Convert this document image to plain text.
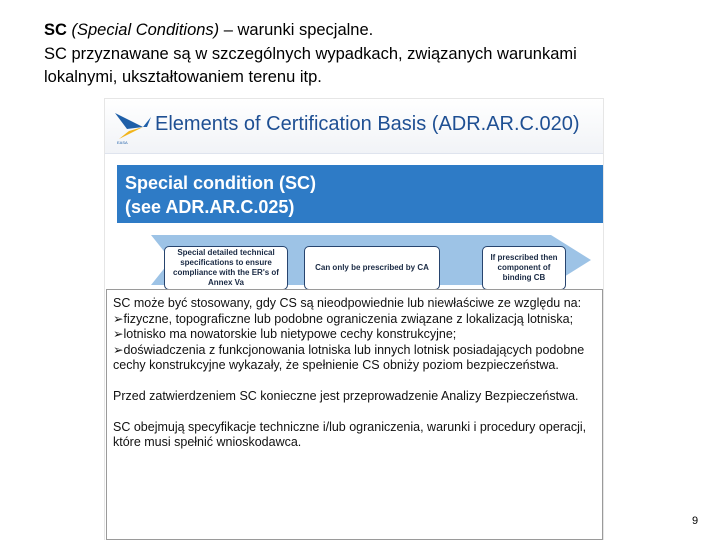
SC (Special Conditions) – warunki specjalne.
SC przyznawane są w szczególnych wypadkach, związanych warunkami
lokalnymi, ukształtowaniem terenu itp.
EASA
Elements of Certification Basis (ADR.AR.C.020)
Special condition (SC)
(see ADR.AR.C.025)
Special detailed technical specifications to ensure compliance with the ER's of Annex Va
Can only be prescribed by CA
If prescribed then component of binding CB

SC może być stosowany, gdy CS są nieodpowiednie lub niewłaściwe ze względu na:

➢ fizyczne, topograficzne lub podobne ograniczenia związane z lokalizacją lotniska;

➢ lotnisko ma nowatorskie lub nietypowe cechy konstrukcyjne;

➢ doświadczenia z funkcjonowania lotniska lub innych lotnisk posiadających podobne cechy konstrukcyjne wykazały, że spełnienie CS obniży poziom bezpieczeństwa.

Przed zatwierdzeniem SC konieczne jest przeprowadzenie Analizy Bezpieczeństwa.

SC obejmują specyfikacje techniczne i/lub ograniczenia, warunki i procedury operacji, które musi spełnić wnioskodawca.

9
